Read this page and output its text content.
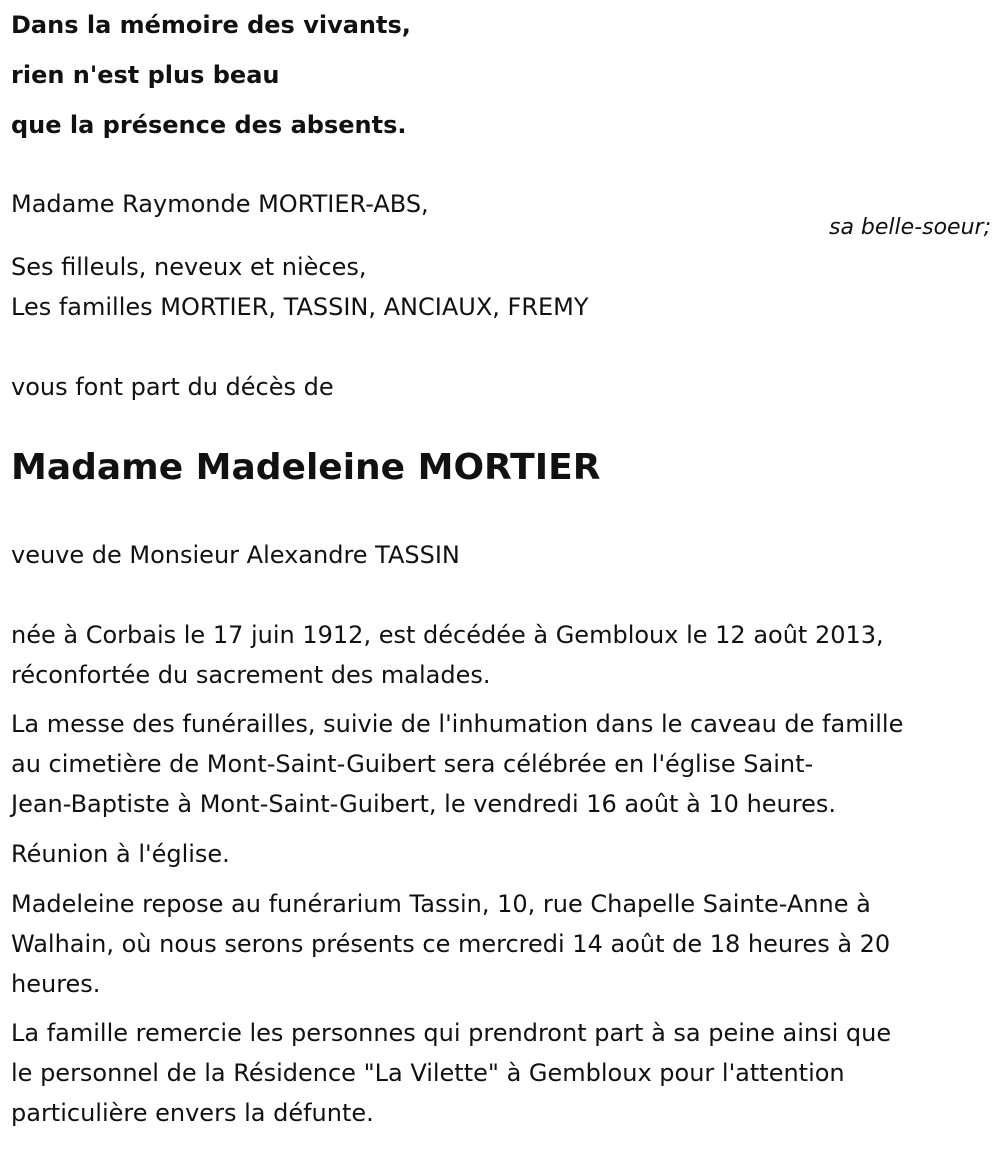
Dans la mémoire des vivants,
rien n'est plus beau
que la présence des absents.
Madame Raymonde MORTIER-ABS,
sa belle-soeur;
Ses filleuls, neveux et nièces,
Les familles MORTIER, TASSIN, ANCIAUX, FREMY
vous font part du décès de
Madame Madeleine MORTIER
veuve de Monsieur Alexandre TASSIN
née à Corbais le 17 juin 1912, est décédée à Gembloux le 12 août 2013,
réconfortée du sacrement des malades.
La messe des funérailles, suivie de l'inhumation dans le caveau de famille
au cimetière de Mont-Saint-Guibert sera célébrée en l'église Saint-
Jean-Baptiste à Mont-Saint-Guibert, le vendredi 16 août à 10 heures.
Réunion à l'église.
Madeleine repose au funérarium Tassin, 10, rue Chapelle Sainte-Anne à
Walhain, où nous serons présents ce mercredi 14 août de 18 heures à 20
heures.
La famille remercie les personnes qui prendront part à sa peine ainsi que
le personnel de la Résidence "La Vilette" à Gembloux pour l'attention
particulière envers la défunte.
